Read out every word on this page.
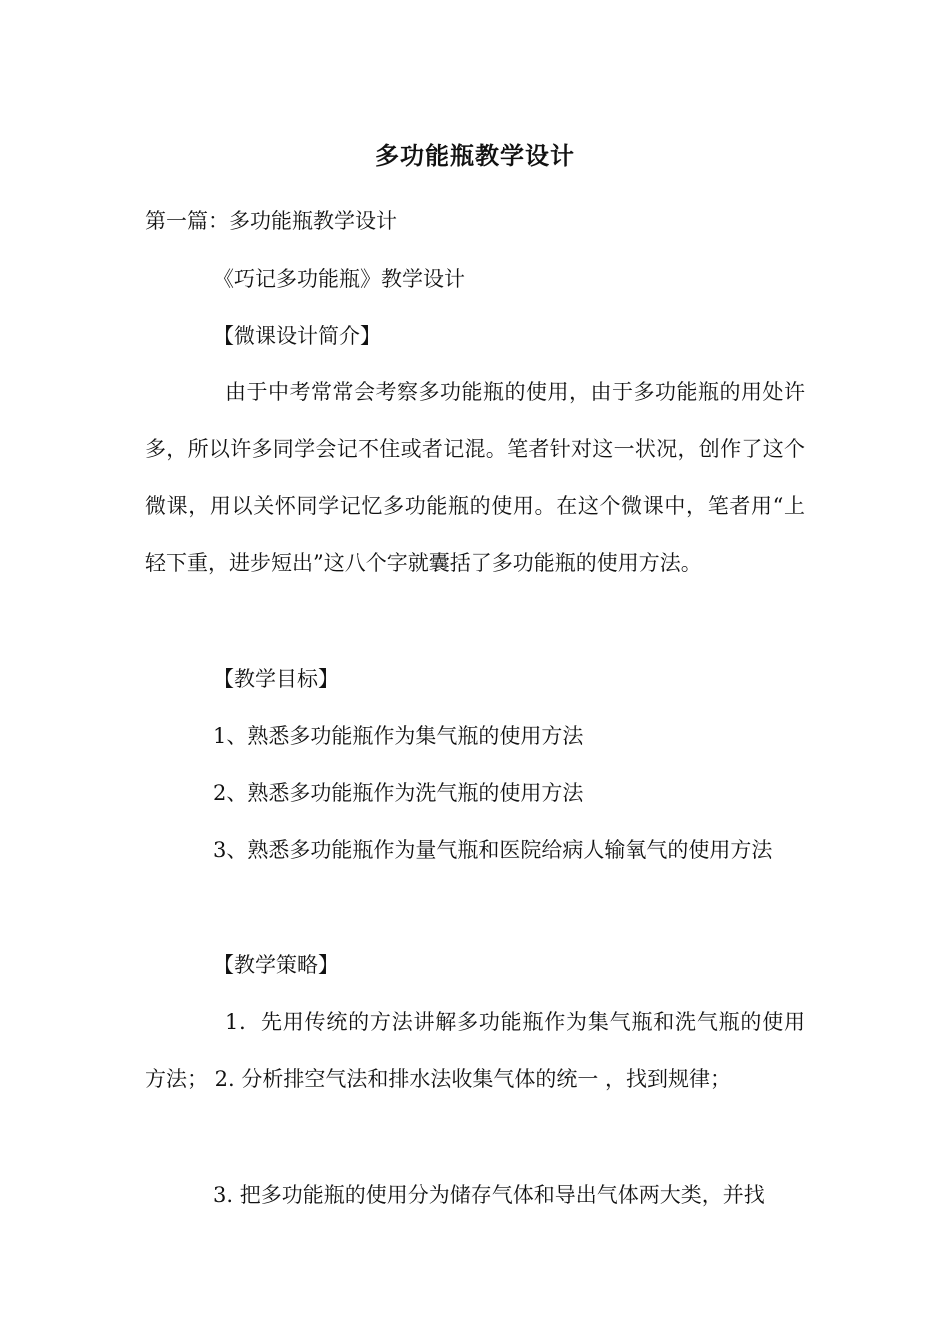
多功能瓶教学设计
第一篇：多功能瓶教学设计
《巧记多功能瓶》教学设计
【微课设计简介】
由于中考常常会考察多功能瓶的使用，由于多功能瓶的用处许多，所以许多同学会记不住或者记混。笔者针对这一状况，创作了这个微课，用以关怀同学记忆多功能瓶的使用。在这个微课中，笔者用“上轻下重，进步短出”这八个字就囊括了多功能瓶的使用方法。
【教学目标】
1、熟悉多功能瓶作为集气瓶的使用方法
2、熟悉多功能瓶作为洗气瓶的使用方法
3、熟悉多功能瓶作为量气瓶和医院给病人输氧气的使用方法
【教学策略】
1．先用传统的方法讲解多功能瓶作为集气瓶和洗气瓶的使用方法； 2. 分析排空气法和排水法收集气体的统一 ，找到规律；
3. 把多功能瓶的使用分为储存气体和导出气体两大类，并找
